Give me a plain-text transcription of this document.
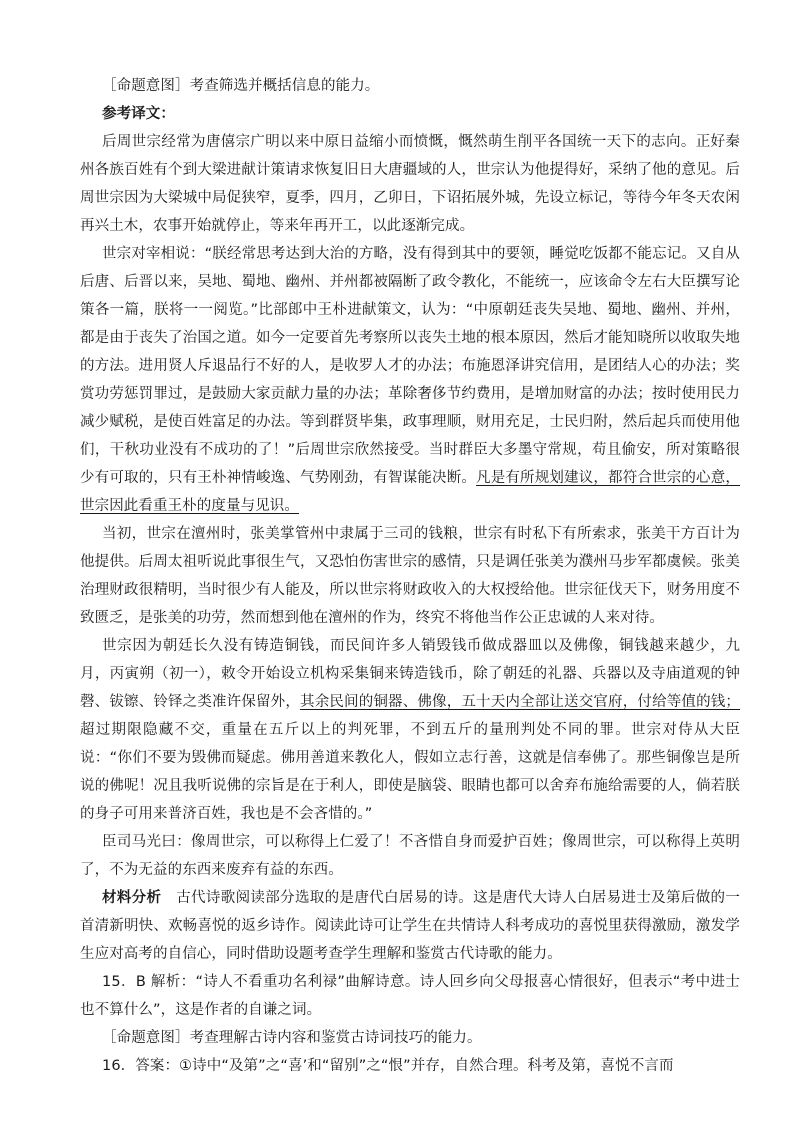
［命题意图］考查筛选并概括信息的能力。
参考译文：
后周世宗经常为唐僖宗广明以来中原日益缩小而愤慨，慨然萌生削平各国统一天下的志向。正好秦州各族百姓有个到大梁进献计策请求恢复旧日大唐疆域的人，世宗认为他提得好，采纳了他的意见。后周世宗因为大梁城中局促狭窄，夏季，四月，乙卯日，下诏拓展外城，先设立标记，等待今年冬天农闲再兴土木，农事开始就停止，等来年再开工，以此逐渐完成。
世宗对宰相说：“朕经常思考达到大治的方略，没有得到其中的要领，睡觉吃饭都不能忘记。又自从后唐、后晋以来，吴地、蜀地、幽州、并州都被隔断了政令教化，不能统一，应该命令左右大臣撰写论策各一篇，朕将一一阅览。”比部郎中王朴进献策文，认为：“中原朝廷丧失吴地、蜀地、幽州、并州，都是由于丧失了治国之道。如今一定要首先考察所以丧失土地的根本原因，然后才能知晓所以收取失地的方法。进用贤人斥退品行不好的人，是收罗人才的办法；布施恩泽讲究信用，是团结人心的办法；奖赏功劳惩罚罪过，是鼓励大家贡献力量的办法；革除奢侈节约费用，是增加财富的办法；按时使用民力减少赋税，是使百姓富足的办法。等到群贤毕集，政事理顺，财用充足，士民归附，然后起兵而使用他们，干秋功业没有不成功的了！”后周世宗欣然接受。当时群臣大多墨守常规，苟且偷安，所对策略很少有可取的，只有王朴神情峻逸、气势刚劲，有智谋能决断。凡是有所规划建议，都符合世宗的心意，世宗因此看重王朴的度量与见识。
当初，世宗在澶州时，张美掌管州中隶属于三司的钱粮，世宗有时私下有所索求，张美干方百计为他提供。后周太祖听说此事很生气，又恐怕伤害世宗的感情，只是调任张美为濮州马步军都虞候。张美治理财政很精明，当时很少有人能及，所以世宗将财政收入的大权授给他。世宗征伐天下，财务用度不致匮乏，是张美的功劳，然而想到他在澶州的作为，终究不将他当作公正忠诚的人来对待。
世宗因为朝廷长久没有铸造铜钱，而民间许多人销毁钱币做成器皿以及佛像，铜钱越来越少，九月，丙寅朔（初一），敕令开始设立机构采集铜来铸造钱币，除了朝廷的礼器、兵器以及寺庙道观的钟磬、钹镲、铃铎之类准许保留外，其余民间的铜器、佛像，五十天内全部让送交官府，付给等值的钱；超过期限隐藏不交，重量在五斤以上的判死罪，不到五斤的量刑判处不同的罪。世宗对侍从大臣说：“你们不要为毁佛而疑虑。佛用善道来教化人，假如立志行善，这就是信奉佛了。那些铜像岂是所说的佛呢！况且我听说佛的宗旨是在于利人，即使是脑袋、眼睛也都可以舍弃布施给需要的人，倘若朕的身子可用来普济百姓，我也是不会吝惜的。”
臣司马光曰：像周世宗，可以称得上仁爱了！不吝惜自身而爱护百姓；像周世宗，可以称得上英明了，不为无益的东西来废弃有益的东西。
材料分析　 古代诗歌阅读部分选取的是唐代白居易的诗。这是唐代大诗人白居易进士及第后做的一首清新明快、欢畅喜悦的返乡诗作。阅读此诗可让学生在共情诗人科考成功的喜悦里获得激励，激发学生应对高考的自信心，同时借助设题考查学生理解和鉴赏古代诗歌的能力。
15．B 解析：“诗人不看重功名利禄”曲解诗意。诗人回乡向父母报喜心情很好，但表示“考中进士也不算什么”，这是作者的自谦之词。
［命题意图］考查理解古诗内容和鉴赏古诗词技巧的能力。
16．答案：①诗中“及第”之“喜’和“留别”之“恨”并存，自然合理。科考及第，喜悦不言而
